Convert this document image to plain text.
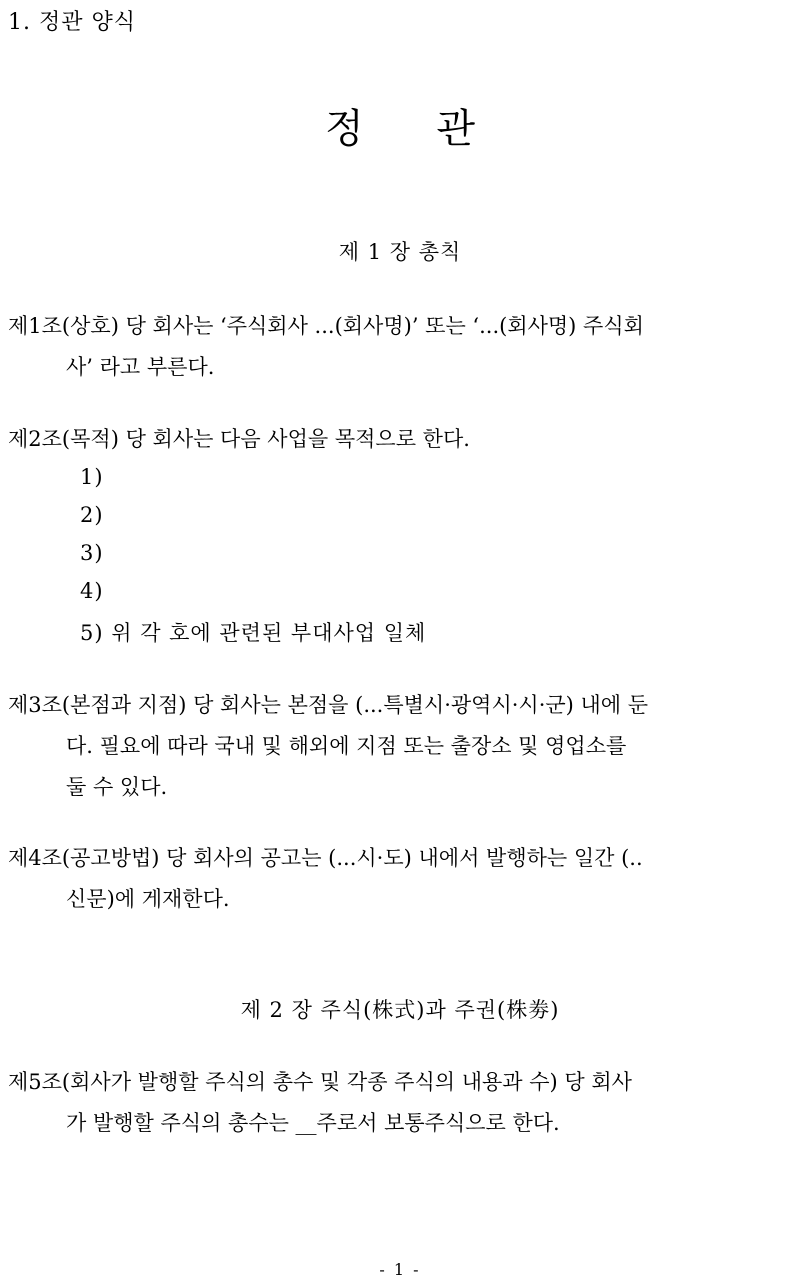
1. 정관 양식
정 관
제 1 장 총칙
제1조(상호) 당 회사는 ‘주식회사 ...(회사명)’ 또는 ‘...(회사명) 주식회
사’ 라고 부른다.
제2조(목적) 당 회사는 다음 사업을 목적으로 한다.
1)
2)
3)
4)
5) 위 각 호에 관련된 부대사업 일체
제3조(본점과 지점) 당 회사는 본점을 (...특별시·광역시·시·군) 내에 둔
다. 필요에 따라 국내 및 해외에 지점 또는 출장소 및 영업소를
둘 수 있다.
제4조(공고방법) 당 회사의 공고는 (...시·도) 내에서 발행하는 일간 (..
신문)에 게재한다.
제 2 장 주식(株式)과 주권(株劵)
제5조(회사가 발행할 주식의 총수 및 각종 주식의 내용과 수) 당 회사
가 발행할 주식의 총수는 __주로서 보통주식으로 한다.
- 1 -
